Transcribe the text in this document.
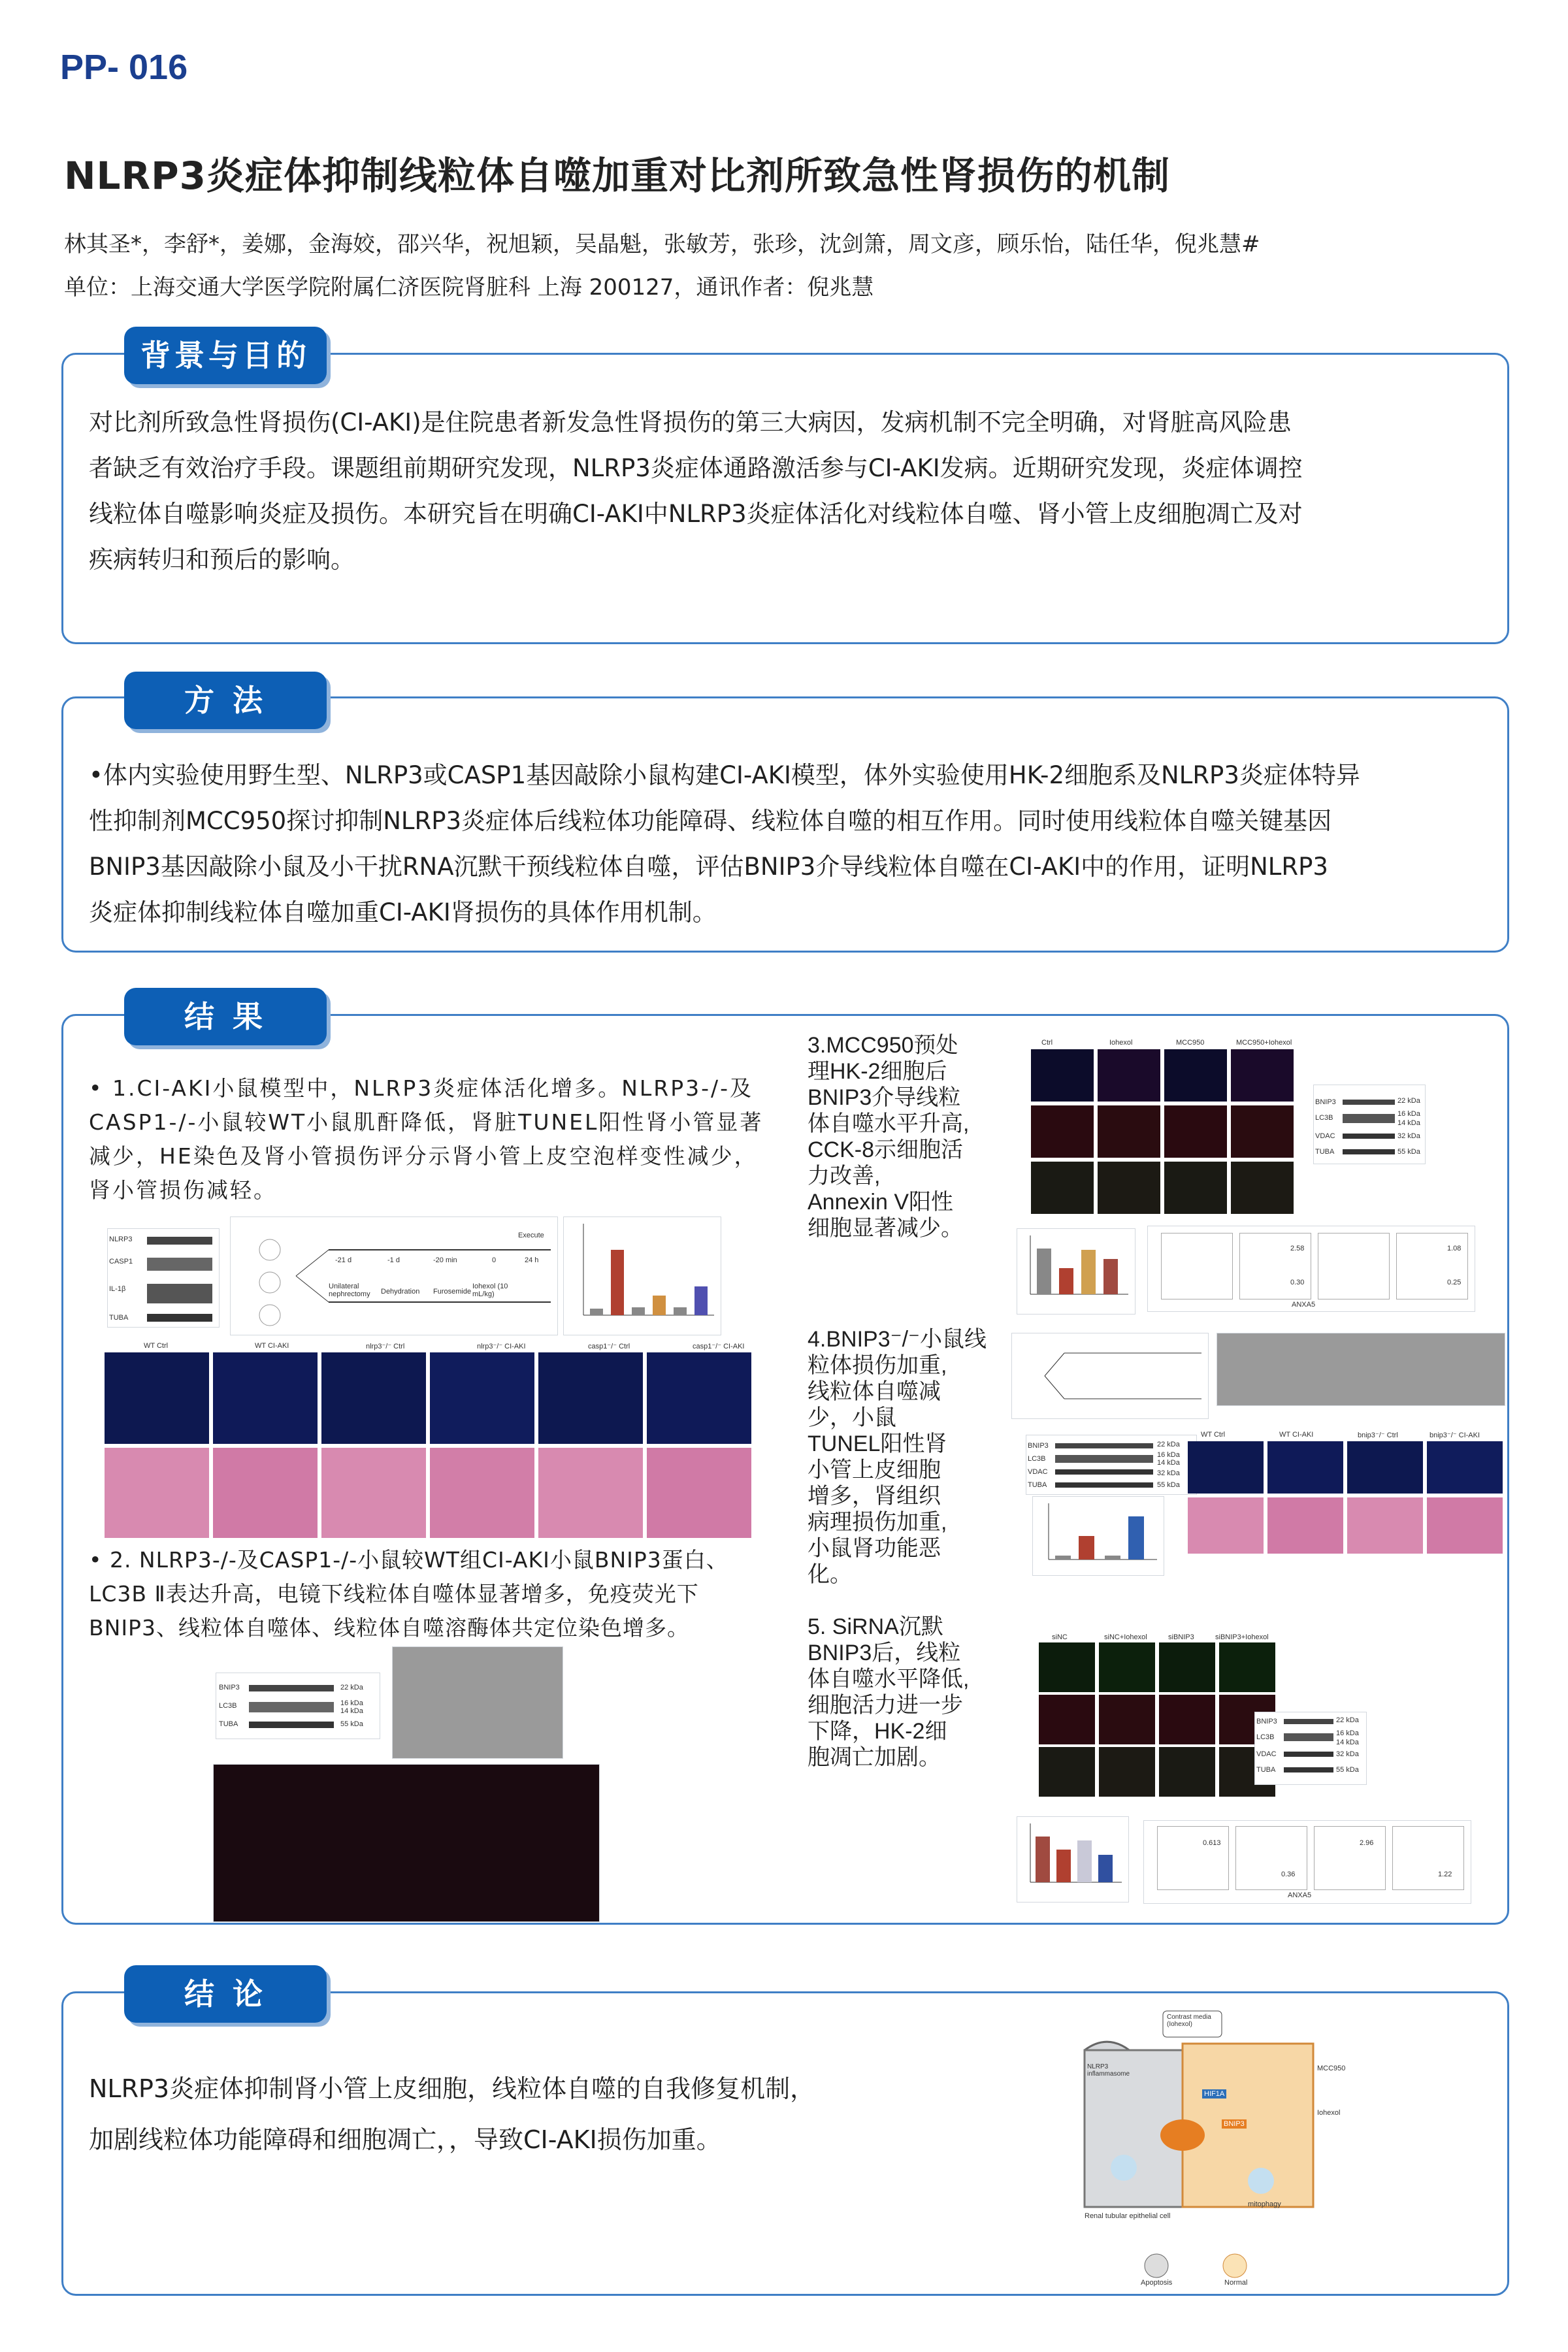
PP- 016
NLRP3炎症体抑制线粒体自噬加重对比剂所致急性肾损伤的机制
林其圣*，李舒*，姜娜，金海姣，邵兴华，祝旭颖，吴晶魁，张敏芳，张珍，沈剑箫，周文彦，顾乐怡，陆任华，倪兆慧#
单位：上海交通大学医学院附属仁济医院肾脏科 上海 200127，通讯作者：倪兆慧
背景与目的
对比剂所致急性肾损伤(CI-AKI)是住院患者新发急性肾损伤的第三大病因，发病机制不完全明确，对肾脏高风险患
者缺乏有效治疗手段。课题组前期研究发现，NLRP3炎症体通路激活参与CI-AKI发病。近期研究发现，炎症体调控
线粒体自噬影响炎症及损伤。本研究旨在明确CI-AKI中NLRP3炎症体活化对线粒体自噬、肾小管上皮细胞凋亡及对
疾病转归和预后的影响。
方 法
•体内实验使用野生型、NLRP3或CASP1基因敲除小鼠构建CI-AKI模型，体外实验使用HK-2细胞系及NLRP3炎症体特异
性抑制剂MCC950探讨抑制NLRP3炎症体后线粒体功能障碍、线粒体自噬的相互作用。同时使用线粒体自噬关键基因
BNIP3基因敲除小鼠及小干扰RNA沉默干预线粒体自噬，评估BNIP3介导线粒体自噬在CI-AKI中的作用，证明NLRP3
炎症体抑制线粒体自噬加重CI-AKI肾损伤的具体作用机制。
结 果
• 1.CI-AKI小鼠模型中，NLRP3炎症体活化增多。NLRP3-/-及
CASP1-/-小鼠较WT小鼠肌酐降低，肾脏TUNEL阳性肾小管显著
减少，HE染色及肾小管损伤评分示肾小管上皮空泡样变性减少，
肾小管损伤减轻。
NLRP3
CASP1
IL-1β
TUBA
-21 d	-1 d	-20 min	0	24 h
Unilateral nephrectomy	Dehydration Furosemide
Iohexol (10 mL/kg)
Execute
WT Ctrl	WT CI-AKI	nlrp3⁻/⁻ Ctrl	nlrp3⁻/⁻ CI-AKI	casp1⁻/⁻ Ctrl	casp1⁻/⁻ CI-AKI
• 2. NLRP3-/-及CASP1-/-小鼠较WT组CI-AKI小鼠BNIP3蛋白、
LC3B Ⅱ表达升高，电镜下线粒体自噬体显著增多，免疫荧光下
BNIP3、线粒体自噬体、线粒体自噬溶酶体共定位染色增多。
BNIP3
LC3B
TUBA
22 kDa
16 kDa
14 kDa
55 kDa
3.MCC950预处
理HK-2细胞后
BNIP3介导线粒
体自噬水平升高,
CCK-8示细胞活
力改善,
Annexin V阳性
细胞显著减少。
Ctrl	Iohexol	MCC950	MCC950+Iohexol
BNIP3
LC3B
VDAC
TUBA
22 kDa
16 kDa
14 kDa
32 kDa
55 kDa
2.58
0.30
1.08
0.25
ANXA5
4.BNIP3⁻/⁻小鼠线
粒体损伤加重,
线粒体自噬减
少，小鼠
TUNEL阳性肾
小管上皮细胞
增多，肾组织
病理损伤加重,
小鼠肾功能恶
化。
BNIP3
LC3B
VDAC
TUBA
22 kDa
16 kDa
14 kDa
32 kDa
55 kDa
WT Ctrl	WT CI-AKI	bnip3⁻/⁻ Ctrl	bnip3⁻/⁻ CI-AKI
5. SiRNA沉默
BNIP3后，线粒
体自噬水平降低,
细胞活力进一步
下降，HK-2细
胞凋亡加剧。
siNC	siNC+Iohexol	siBNIP3	siBNIP3+Iohexol
BNIP3
LC3B
VDAC
TUBA
22 kDa
16 kDa
14 kDa
32 kDa
55 kDa
0.613	2.96
0.36	1.22
ANXA5
结 论
NLRP3炎症体抑制肾小管上皮细胞，线粒体自噬的自我修复机制，
加剧线粒体功能障碍和细胞凋亡，，导致CI-AKI损伤加重。
Contrast media (Iohexol)
NLRP3 inflammasome
MCC950
Iohexol
HIF1A
BNIP3
mitophagy
Renal tubular epithelial cell
Apoptosis	Normal
